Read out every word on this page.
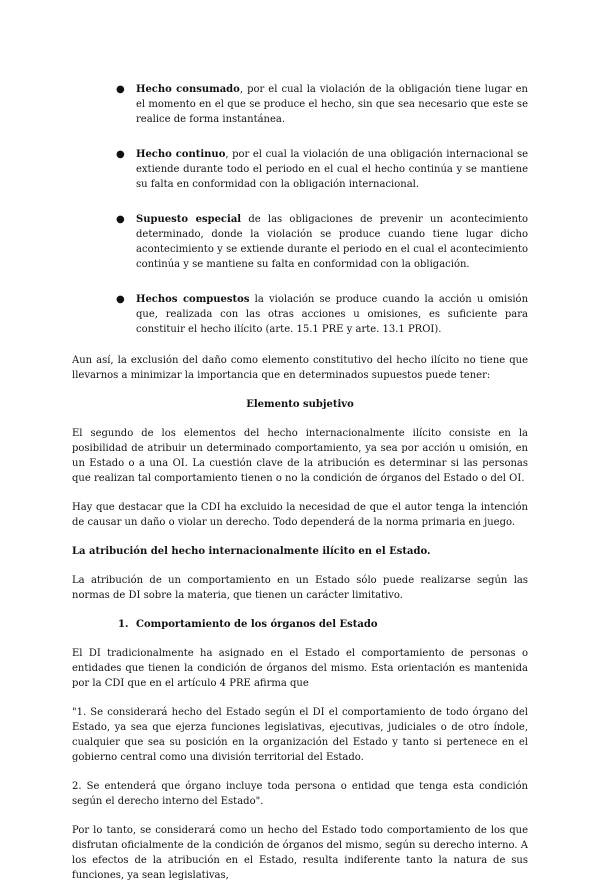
● Hecho consumado, por el cual la violación de la obligación tiene lugar en el momento en el que se produce el hecho, sin que sea necesario que este se realice de forma instantánea.
● Hecho continuo, por el cual la violación de una obligación internacional se extiende durante todo el periodo en el cual el hecho continúa y se mantiene su falta en conformidad con la obligación internacional.
● Supuesto especial de las obligaciones de prevenir un acontecimiento determinado, donde la violación se produce cuando tiene lugar dicho acontecimiento y se extiende durante el periodo en el cual el acontecimiento continúa y se mantiene su falta en conformidad con la obligación.
● Hechos compuestos la violación se produce cuando la acción u omisión que, realizada con las otras acciones u omisiones, es suficiente para constituir el hecho ilícito (arte. 15.1 PRE y arte. 13.1 PROI).

Aun así, la exclusión del daño como elemento constitutivo del hecho ilícito no tiene que llevarnos a minimizar la importancia que en determinados supuestos puede tener:

Elemento subjetivo

El segundo de los elementos del hecho internacionalmente ilícito consiste en la posibilidad de atribuir un determinado comportamiento, ya sea por acción u omisión, en un Estado o a una OI. La cuestión clave de la atribución es determinar si las personas que realizan tal comportamiento tienen o no la condición de órganos del Estado o del OI.

Hay que destacar que la CDI ha excluido la necesidad de que el autor tenga la intención de causar un daño o violar un derecho. Todo dependerá de la norma primaria en juego.

La atribución del hecho internacionalmente ilícito en el Estado.

La atribución de un comportamiento en un Estado sólo puede realizarse según las normas de DI sobre la materia, que tienen un carácter limitativo.

1. Comportamiento de los órganos del Estado

El DI tradicionalmente ha asignado en el Estado el comportamiento de personas o entidades que tienen la condición de órganos del mismo. Esta orientación es mantenida por la CDI que en el artículo 4 PRE afirma que

"1. Se considerará hecho del Estado según el DI el comportamiento de todo órgano del Estado, ya sea que ejerza funciones legislativas, ejecutivas, judiciales o de otro índole, cualquier que sea su posición en la organización del Estado y tanto si pertenece en el gobierno central como una división territorial del Estado.

2. Se entenderá que órgano incluye toda persona o entidad que tenga esta condición según el derecho interno del Estado".

Por lo tanto, se considerará como un hecho del Estado todo comportamiento de los que disfrutan oficialmente de la condición de órganos del mismo, según su derecho interno. A los efectos de la atribución en el Estado, resulta indiferente tanto la natura de sus funciones, ya sean legislativas,
